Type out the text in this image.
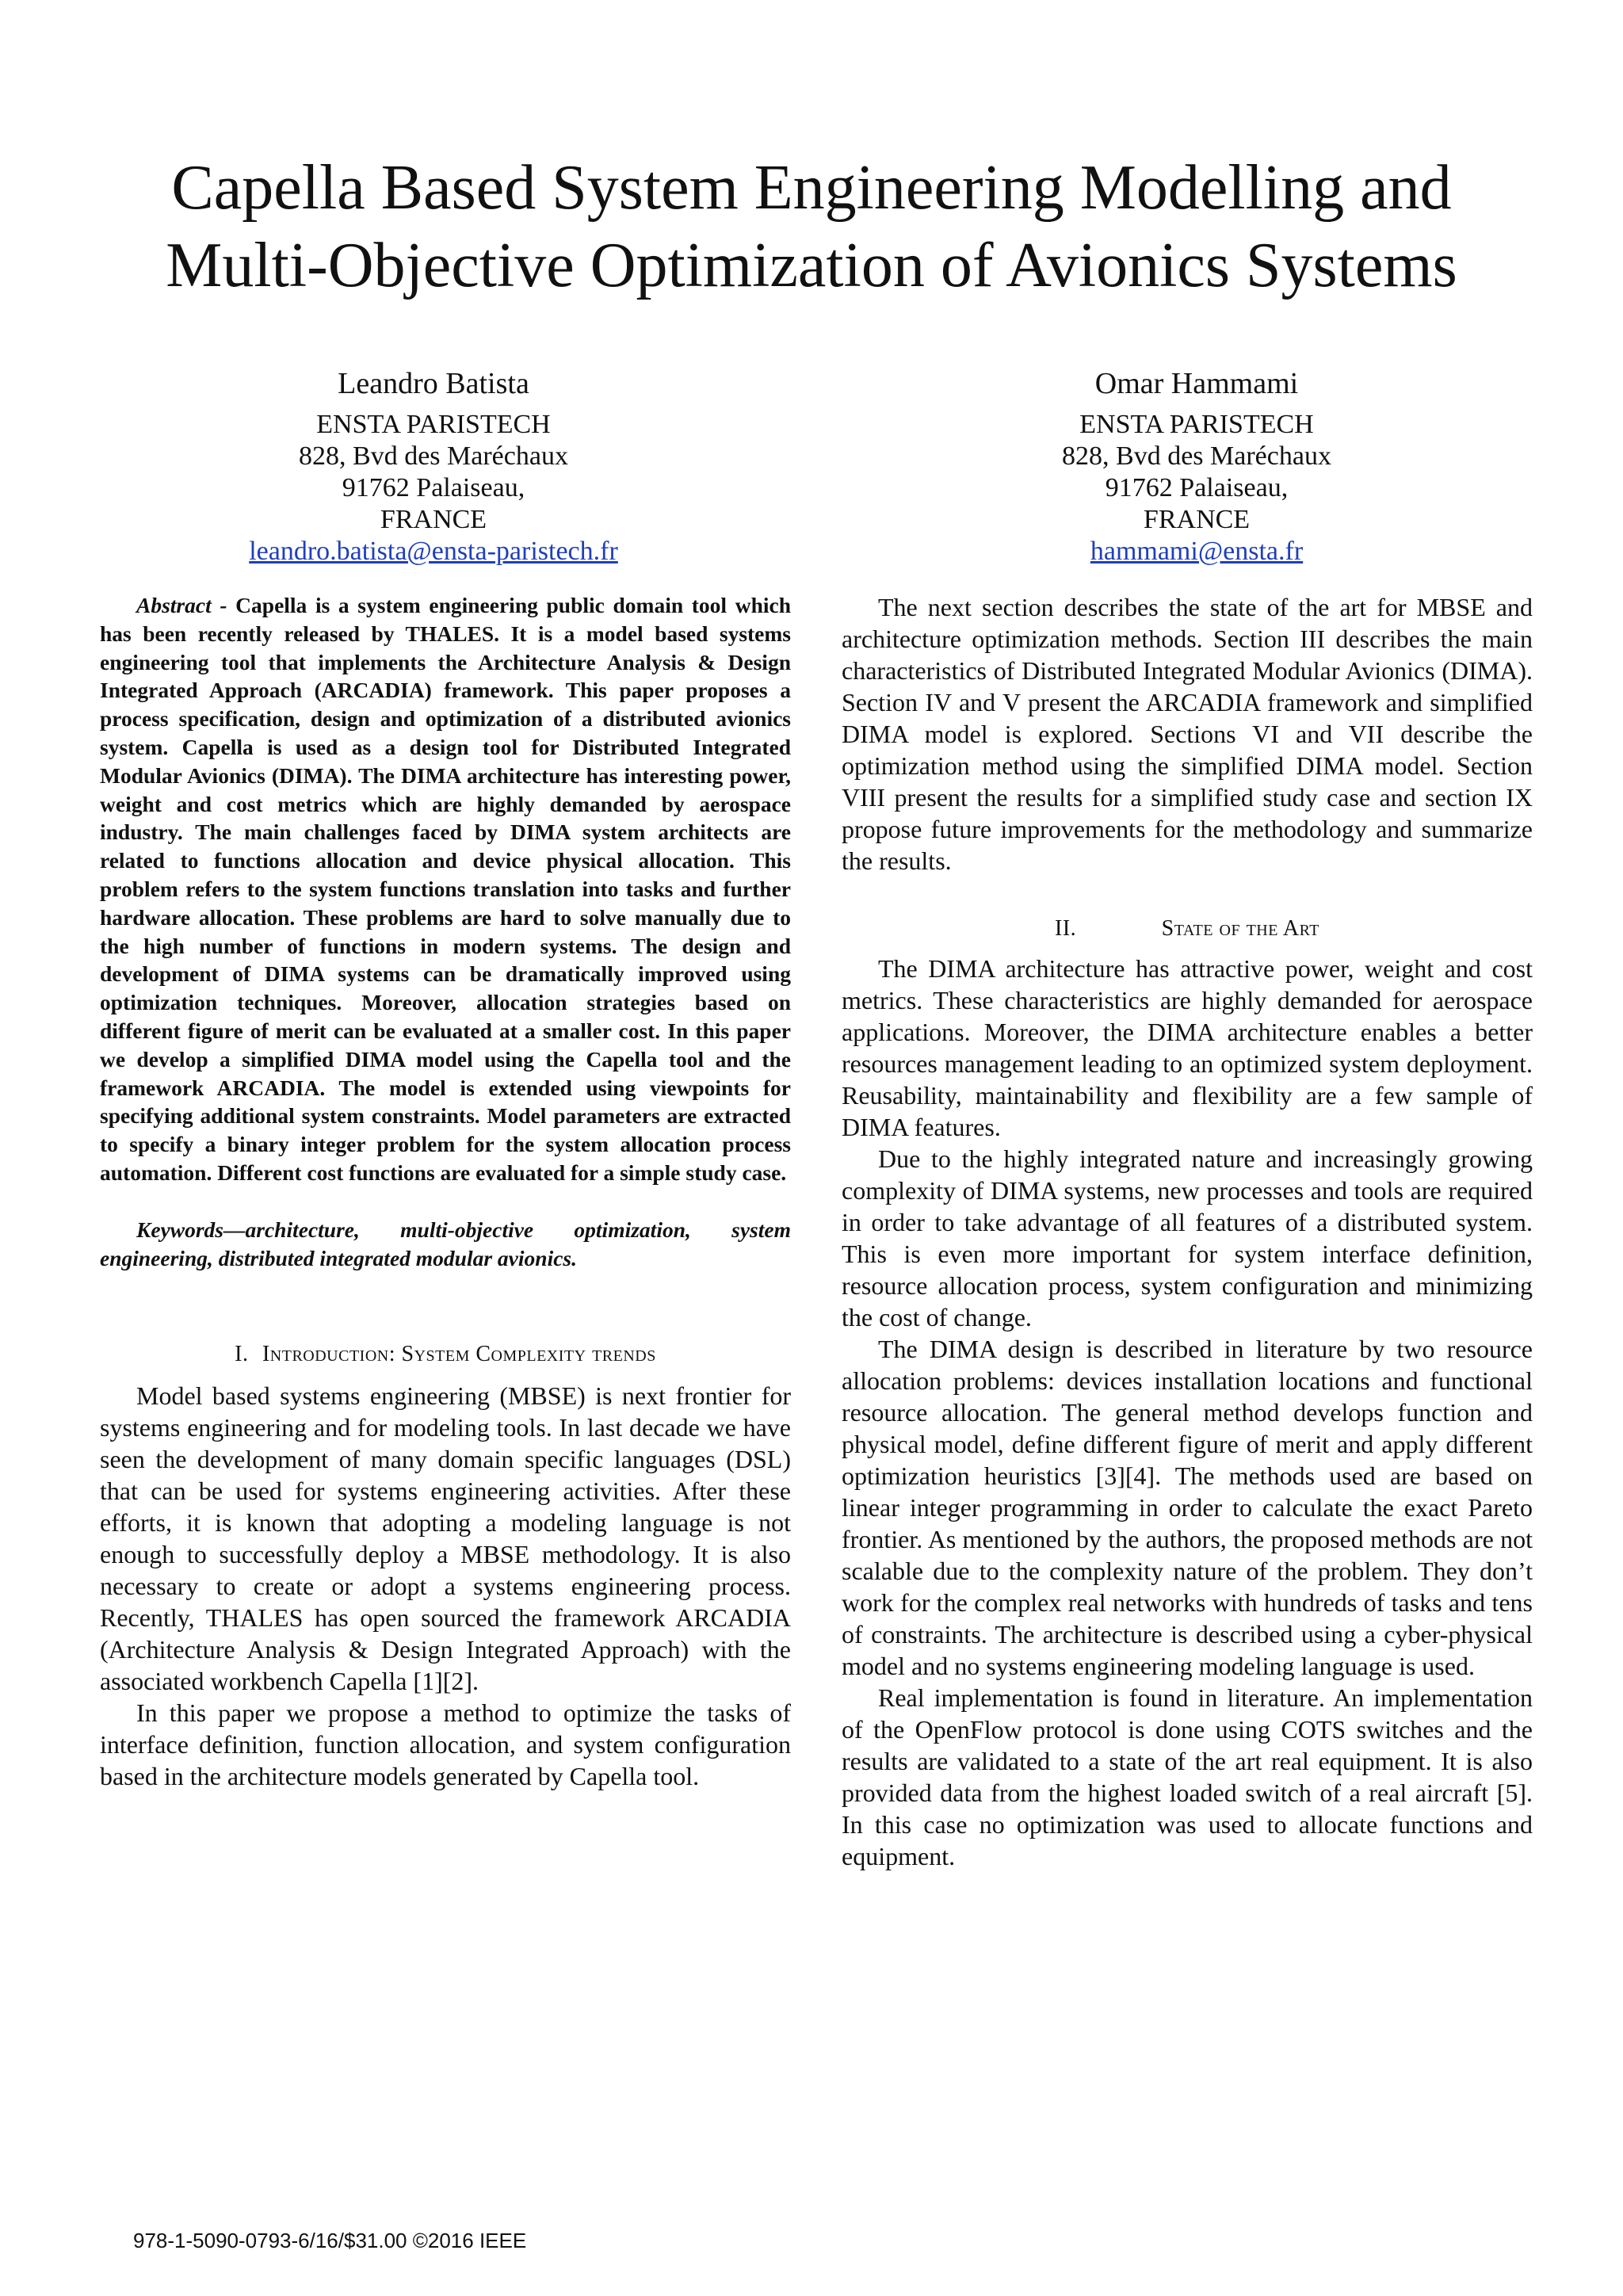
Capella Based System Engineering Modelling and
Multi-Objective Optimization of Avionics Systems
Leandro Batista
ENSTA PARISTECH
828, Bvd des Maréchaux
91762 Palaiseau,
FRANCE
leandro.batista@ensta-paristech.fr
Omar Hammami
ENSTA PARISTECH
828, Bvd des Maréchaux
91762 Palaiseau,
FRANCE
hammami@ensta.fr

Abstract - Capella is a system engineering public domain tool which has been recently released by THALES. It is a model based systems engineering tool that implements the Architecture Analysis & Design Integrated Approach (ARCADIA) framework. This paper proposes a process specification, design and optimization of a distributed avionics system. Capella is used as a design tool for Distributed Integrated Modular Avionics (DIMA). The DIMA architecture has interesting power, weight and cost metrics which are highly demanded by aerospace industry. The main challenges faced by DIMA system architects are related to functions allocation and device physical allocation. This problem refers to the system functions translation into tasks and further hardware allocation. These problems are hard to solve manually due to the high number of functions in modern systems. The design and development of DIMA systems can be dramatically improved using optimization techniques. Moreover, allocation strategies based on different figure of merit can be evaluated at a smaller cost. In this paper we develop a simplified DIMA model using the Capella tool and the framework ARCADIA. The model is extended using viewpoints for specifying additional system constraints. Model parameters are extracted to specify a binary integer problem for the system allocation process automation. Different cost functions are evaluated for a simple study case.

Keywords—architecture, multi-objective optimization, system engineering, distributed integrated modular avionics.

I. Introduction: System Complexity trends

Model based systems engineering (MBSE) is next frontier for systems engineering and for modeling tools. In last decade we have seen the development of many domain specific languages (DSL) that can be used for systems engineering activities. After these efforts, it is known that adopting a modeling language is not enough to successfully deploy a MBSE methodology. It is also necessary to create or adopt a systems engineering process. Recently, THALES has open sourced the framework ARCADIA (Architecture Analysis & Design Integrated Approach) with the associated workbench Capella [1][2].

In this paper we propose a method to optimize the tasks of interface definition, function allocation, and system configuration based in the architecture models generated by Capella tool.

The next section describes the state of the art for MBSE and architecture optimization methods. Section III describes the main characteristics of Distributed Integrated Modular Avionics (DIMA). Section IV and V present the ARCADIA framework and simplified DIMA model is explored. Sections VI and VII describe the optimization method using the simplified DIMA model. Section VIII present the results for a simplified study case and section IX propose future improvements for the methodology and summarize the results.

II.	State of the Art

The DIMA architecture has attractive power, weight and cost metrics. These characteristics are highly demanded for aerospace applications. Moreover, the DIMA architecture enables a better resources management leading to an optimized system deployment. Reusability, maintainability and flexibility are a few sample of DIMA features.

Due to the highly integrated nature and increasingly growing complexity of DIMA systems, new processes and tools are required in order to take advantage of all features of a distributed system. This is even more important for system interface definition, resource allocation process, system configuration and minimizing the cost of change.

The DIMA design is described in literature by two resource allocation problems: devices installation locations and functional resource allocation. The general method develops function and physical model, define different figure of merit and apply different optimization heuristics [3][4]. The methods used are based on linear integer programming in order to calculate the exact Pareto frontier. As mentioned by the authors, the proposed methods are not scalable due to the complexity nature of the problem. They don’t work for the complex real networks with hundreds of tasks and tens of constraints. The architecture is described using a cyber-physical model and no systems engineering modeling language is used.

Real implementation is found in literature. An implementation of the OpenFlow protocol is done using COTS switches and the results are validated to a state of the art real equipment. It is also provided data from the highest loaded switch of a real aircraft [5]. In this case no optimization was used to allocate functions and equipment.

978-1-5090-0793-6/16/$31.00 ©2016 IEEE
